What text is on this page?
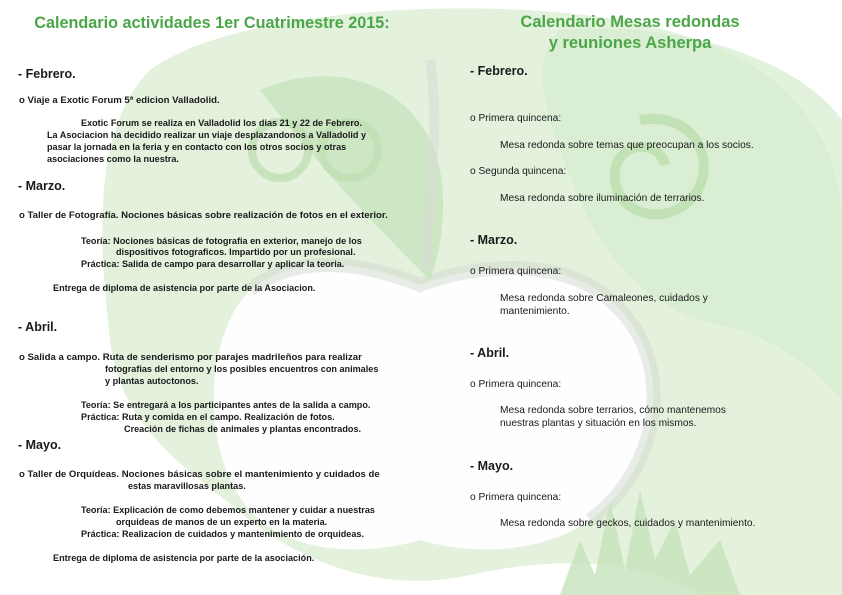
Calendario actividades 1er Cuatrimestre 2015:
- Febrero.
o Viaje a Exotic Forum 5ª edicion Valladolid.
Exotic Forum se realiza en Valladolid los dias 21 y 22 de Febrero.
La Asociacion ha decidido realizar un viaje desplazandonos a Valladolid y
pasar la jornada en la feria y en contacto con los otros socios y otras
asociaciones como la nuestra.
- Marzo.
o Taller de Fotografía. Nociones básicas sobre realización de fotos en el exterior.
Teoría: Nociones básicas de fotografia en exterior, manejo de los
dispositivos fotograficos. Impartido por un profesional.
Práctica: Salida de campo para desarrollar y aplicar la teoria.
Entrega de diploma de asistencia por parte de la Asociacion.
- Abril.
o Salida a campo. Ruta de senderismo por parajes madrileños para realizar
fotografias del entorno y los posibles encuentros con animales
y plantas autoctonos.
Teoría: Se entregará a los participantes antes de la salida a campo.
Práctica: Ruta y comida en el campo. Realización de fotos.
Creación de fichas de animales y plantas encontrados.
- Mayo.
o Taller de Orquídeas. Nociones básicas sobre el mantenimiento y cuidados de
estas maravillosas plantas.
Teoría: Explicación de como debemos mantener y cuidar a nuestras
orquideas de manos de un experto en la materia.
Práctica: Realizacion de cuidados y mantenimiento de orquideas.
Entrega de diploma de asistencia por parte de la asociación.
Calendario Mesas redondas
y reuniones Asherpa
- Febrero.
o Primera quincena:
Mesa redonda sobre temas que preocupan a los socios.
o Segunda quincena:
Mesa redonda sobre iluminación de terrarios.
- Marzo.
o Primera quincena:
Mesa redonda sobre Camaleones, cuidados y
mantenimiento.
- Abril.
o Primera quincena:
Mesa redonda sobre terrarios, cómo mantenemos
nuestras plantas y situación en los mismos.
- Mayo.
o Primera quincena:
Mesa redonda sobre geckos, cuidados y mantenimiento.
